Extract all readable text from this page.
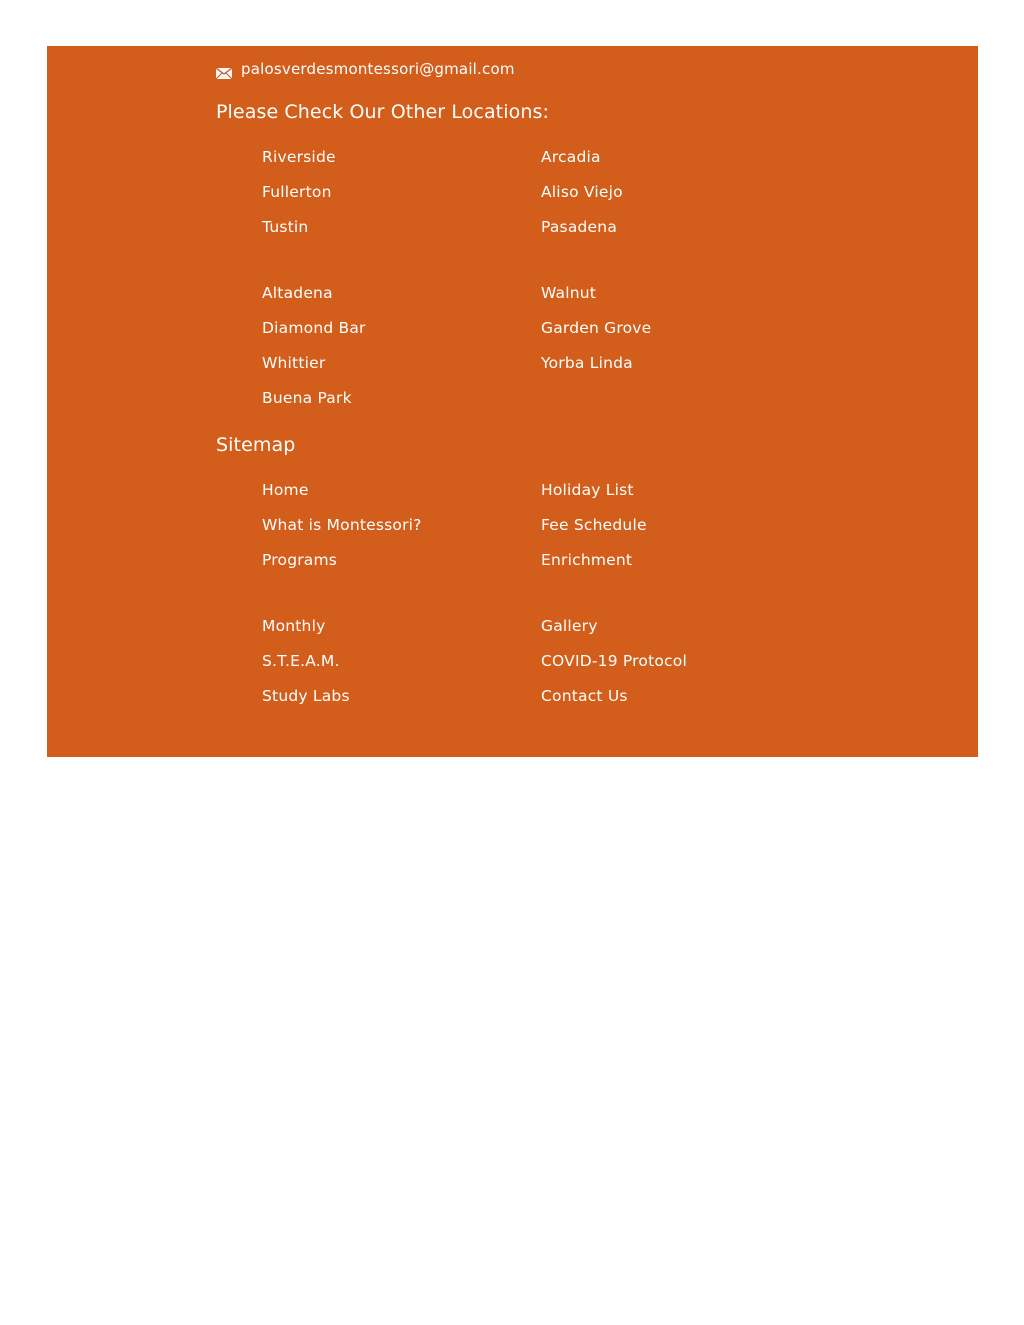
palosverdesmontessori@gmail.com
Please Check Our Other Locations:
Riverside
Fullerton
Tustin
Altadena
Diamond Bar
Whittier
Buena Park
Arcadia
Aliso Viejo
Pasadena
Walnut
Garden Grove
Yorba Linda
Sitemap
Home
What is Montessori?
Programs
Monthly
S.T.E.A.M.
Study Labs
Holiday List
Fee Schedule
Enrichment
Gallery
COVID-19 Protocol
Contact Us
